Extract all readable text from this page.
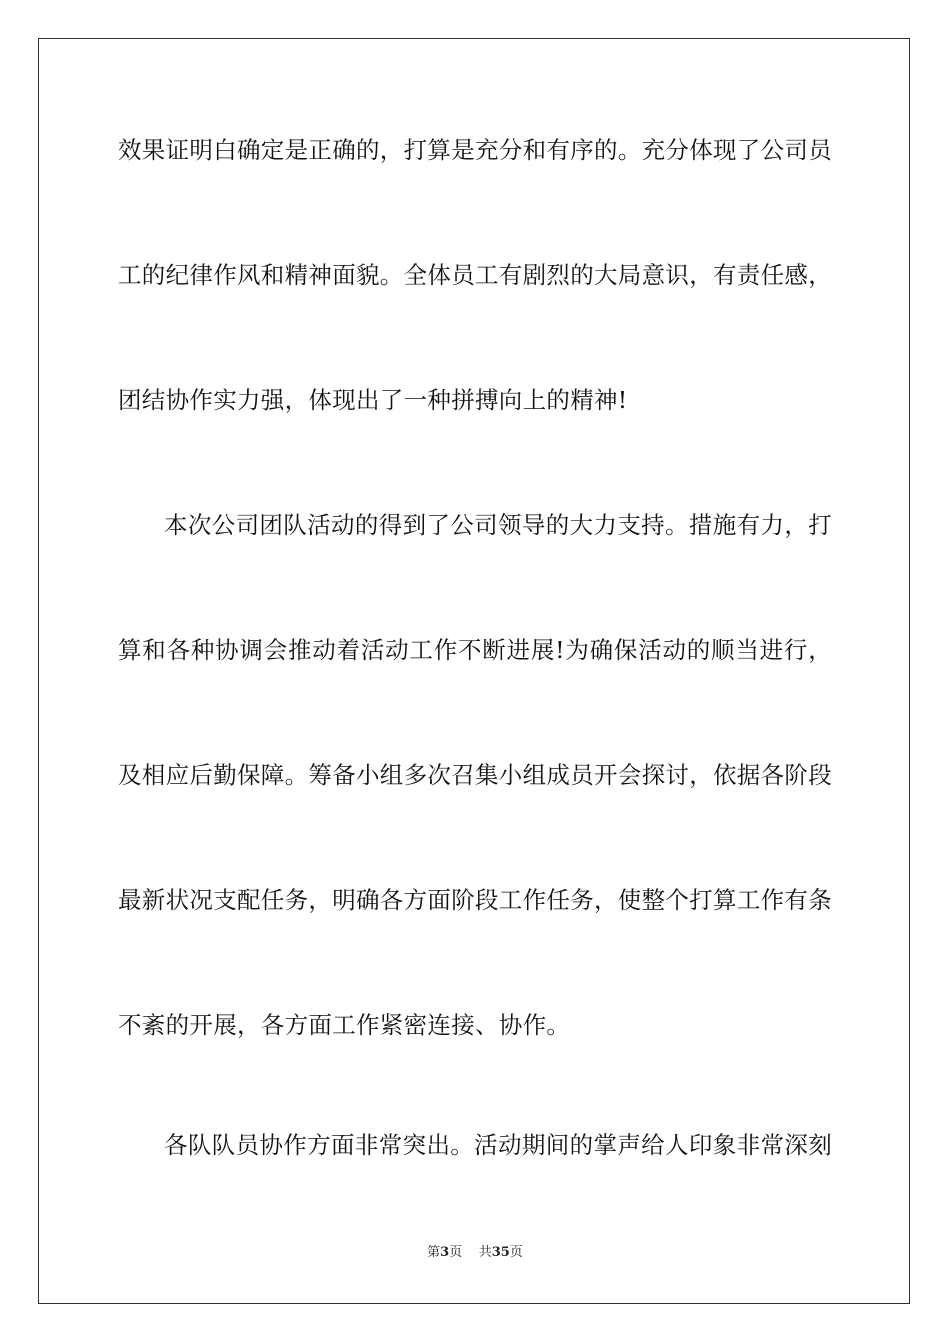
效果证明白确定是正确的，打算是充分和有序的。充分体现了公司员
工的纪律作风和精神面貌。全体员工有剧烈的大局意识，有责任感，
团结协作实力强，体现出了一种拼搏向上的精神!
本次公司团队活动的得到了公司领导的大力支持。措施有力，打
算和各种协调会推动着活动工作不断进展!为确保活动的顺当进行，
及相应后勤保障。筹备小组多次召集小组成员开会探讨，依据各阶段
最新状况支配任务，明确各方面阶段工作任务，使整个打算工作有条
不紊的开展，各方面工作紧密连接、协作。
各队队员协作方面非常突出。活动期间的掌声给人印象非常深刻
第3页 共35页
